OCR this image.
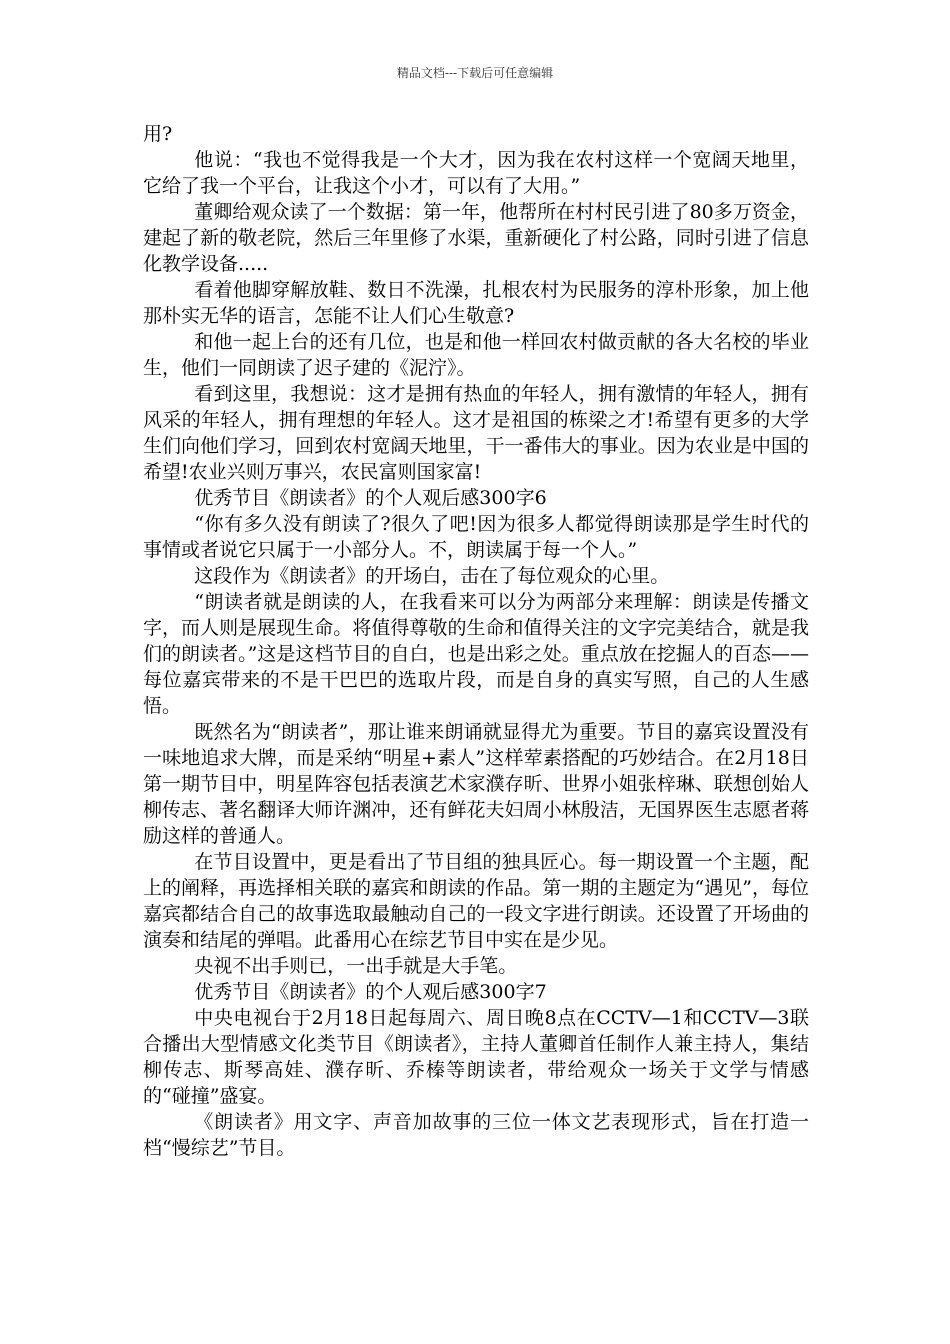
精品文档---下载后可任意编辑

用?

他说：“我也不觉得我是一个大才，因为我在农村这样一个宽阔天地里，它给了我一个平台，让我这个小才，可以有了大用。”

董卿给观众读了一个数据：第一年，他帮所在村村民引进了80多万资金，建起了新的敬老院，然后三年里修了水渠，重新硬化了村公路，同时引进了信息化教学设备.....

看着他脚穿解放鞋、数日不洗澡，扎根农村为民服务的淳朴形象，加上他那朴实无华的语言，怎能不让人们心生敬意?

和他一起上台的还有几位，也是和他一样回农村做贡献的各大名校的毕业生，他们一同朗读了迟子建的《泥泞》。

看到这里，我想说：这才是拥有热血的年轻人，拥有激情的年轻人，拥有风采的年轻人，拥有理想的年轻人。这才是祖国的栋梁之才!希望有更多的大学生们向他们学习，回到农村宽阔天地里，干一番伟大的事业。因为农业是中国的希望!农业兴则万事兴，农民富则国家富!

优秀节目《朗读者》的个人观后感300字6

“你有多久没有朗读了?很久了吧!因为很多人都觉得朗读那是学生时代的事情或者说它只属于一小部分人。不，朗读属于每一个人。”

这段作为《朗读者》的开场白，击在了每位观众的心里。

“朗读者就是朗读的人，在我看来可以分为两部分来理解：朗读是传播文字，而人则是展现生命。将值得尊敬的生命和值得关注的文字完美结合，就是我们的朗读者。”这是这档节目的自白，也是出彩之处。重点放在挖掘人的百态——每位嘉宾带来的不是干巴巴的选取片段，而是自身的真实写照，自己的人生感悟。

既然名为“朗读者”，那让谁来朗诵就显得尤为重要。节目的嘉宾设置没有一味地追求大牌，而是采纳“明星+素人”这样荤素搭配的巧妙结合。在2月18日第一期节目中，明星阵容包括表演艺术家濮存昕、世界小姐张梓琳、联想创始人柳传志、著名翻译大师许渊冲，还有鲜花夫妇周小林殷洁，无国界医生志愿者蒋励这样的普通人。

在节目设置中，更是看出了节目组的独具匠心。每一期设置一个主题，配上的阐释，再选择相关联的嘉宾和朗读的作品。第一期的主题定为“遇见”，每位嘉宾都结合自己的故事选取最触动自己的一段文字进行朗读。还设置了开场曲的演奏和结尾的弹唱。此番用心在综艺节目中实在是少见。

央视不出手则已，一出手就是大手笔。

优秀节目《朗读者》的个人观后感300字7

中央电视台于2月18日起每周六、周日晚8点在CCTV—1和CCTV—3联合播出大型情感文化类节目《朗读者》，主持人董卿首任制作人兼主持人，集结柳传志、斯琴高娃、濮存昕、乔榛等朗读者，带给观众一场关于文学与情感的“碰撞”盛宴。

《朗读者》用文字、声音加故事的三位一体文艺表现形式，旨在打造一档“慢综艺”节目。
